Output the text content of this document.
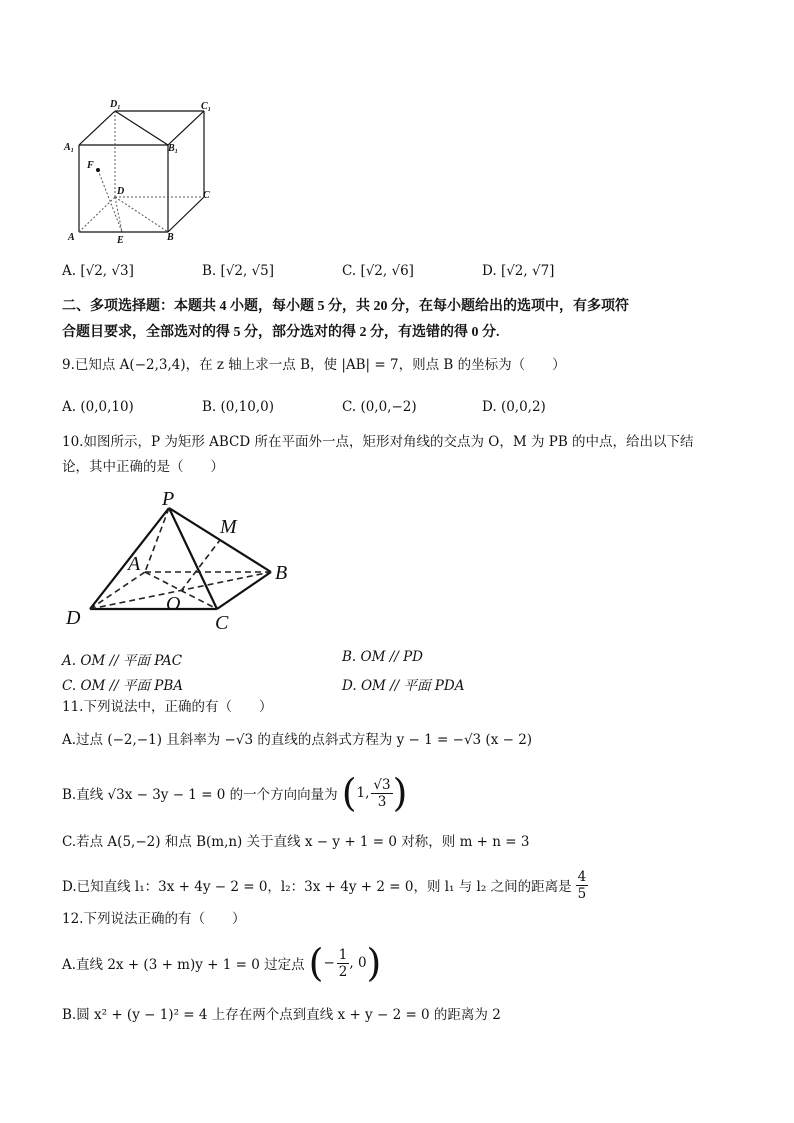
D₁	C₁
A₁	B₁
F
D	C
A	E	B
A. [√2, √3]	B. [√2, √5]	C. [√2, √6]	D. [√2, √7]
二、多项选择题：本题共 4 小题，每小题 5 分，共 20 分，在每小题给出的选项中，有多项符
合题目要求，全部选对的得 5 分，部分选对的得 2 分，有选错的得 0 分.
9.已知点 A(−2,3,4)，在 z 轴上求一点 B，使 |AB| = 7，则点 B 的坐标为（　　）
A. (0,0,10)	B. (0,10,0)	C. (0,0,−2)	D. (0,0,2)
10.如图所示，P 为矩形 ABCD 所在平面外一点，矩形对角线的交点为 O，M 为 PB 的中点，给出以下结
论，其中正确的是（　　）
P
M
A	B
O
D	C
A. OM // 平面 PAC	B. OM // PD
C. OM // 平面 PBA	D. OM // 平面 PDA
11.下列说法中，正确的有（　　）
A.过点 (−2,−1) 且斜率为 −√3 的直线的点斜式方程为 y − 1 = −√3 (x − 2)
B.直线 √3x − 3y − 1 = 0 的一个方向向量为 ( 1, $\frac{√3}{3}$ )
C.若点 A(5,−2) 和点 B(m,n) 关于直线 x − y + 1 = 0 对称，则 m + n = 3
D.已知直线 l₁：3x + 4y − 2 = 0，l₂：3x + 4y + 2 = 0，则 l₁ 与 l₂ 之间的距离是 $\frac{4}{5}$
12.下列说法正确的有（　　）
A.直线 2x + (3 + m)y + 1 = 0 过定点 ( − $\frac{1}{2}$ , 0 )
B.圆 x² + (y − 1)² = 4 上存在两个点到直线 x + y − 2 = 0 的距离为 2
